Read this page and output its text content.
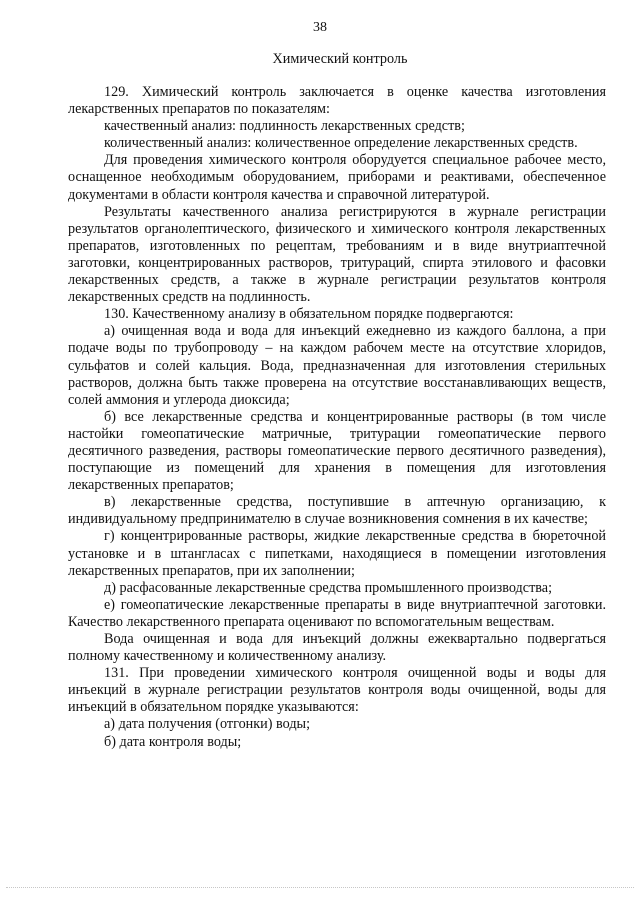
38
Химический контроль

129. Химический контроль заключается в оценке качества изготовления лекарственных препаратов по показателям:

качественный анализ: подлинность лекарственных средств;

количественный анализ: количественное определение лекарственных средств.

Для проведения химического контроля оборудуется специальное рабочее место, оснащенное необходимым оборудованием, приборами и реактивами, обеспеченное документами в области контроля качества и справочной литературой.

Результаты качественного анализа регистрируются в журнале регистрации результатов органолептического, физического и химического контроля лекарственных препаратов, изготовленных по рецептам, требованиям и в виде внутриаптечной заготовки, концентрированных растворов, тритураций, спирта этилового и фасовки лекарственных средств, а также в журнале регистрации результатов контроля лекарственных средств на подлинность.

130. Качественному анализу в обязательном порядке подвергаются:

а) очищенная вода и вода для инъекций ежедневно из каждого баллона, а при подаче воды по трубопроводу – на каждом рабочем месте на отсутствие хлоридов, сульфатов и солей кальция. Вода, предназначенная для изготовления стерильных растворов, должна быть также проверена на отсутствие восстанавливающих веществ, солей аммония и углерода диоксида;

б) все лекарственные средства и концентрированные растворы (в том числе настойки гомеопатические матричные, тритурации гомеопатические первого десятичного разведения, растворы гомеопатические первого десятичного разведения), поступающие из помещений для хранения в помещения для изготовления лекарственных препаратов;

в) лекарственные средства, поступившие в аптечную организацию, к индивидуальному предпринимателю в случае возникновения сомнения в их качестве;

г) концентрированные растворы, жидкие лекарственные средства в бюреточной установке и в штангласах с пипетками, находящиеся в помещении изготовления лекарственных препаратов, при их заполнении;

д) расфасованные лекарственные средства промышленного производства;

е) гомеопатические лекарственные препараты в виде внутриаптечной заготовки. Качество лекарственного препарата оценивают по вспомогательным веществам.

Вода очищенная и вода для инъекций должны ежеквартально подвергаться полному качественному и количественному анализу.

131. При проведении химического контроля очищенной воды и воды для инъекций в журнале регистрации результатов контроля воды очищенной, воды для инъекций в обязательном порядке указываются:

а) дата получения (отгонки) воды;

б) дата контроля воды;
